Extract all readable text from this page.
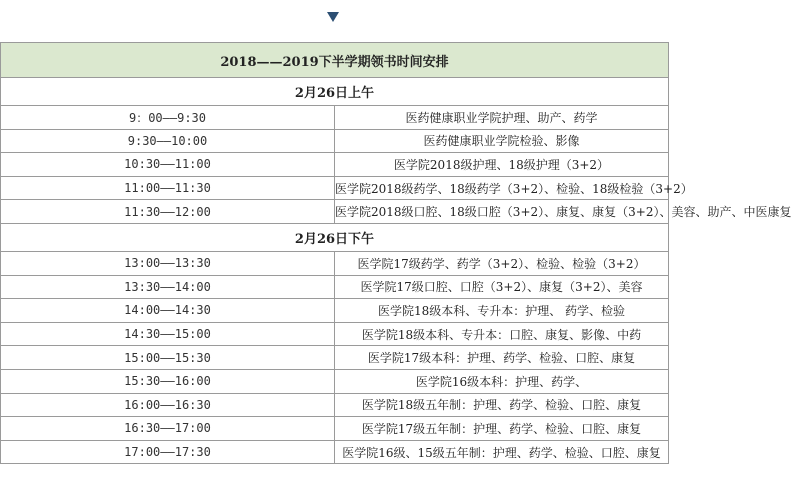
2018——2019下半学期领书时间安排	
2月26日上午	
9：00——9:30	医药健康职业学院护理、助产、药学
9:30——10:00	医药健康职业学院检验、影像
10:30——11:00	医学院2018级护理、18级护理（3+2）
11:00——11:30	医学院2018级药学、18级药学（3+2）、检验、18级检验（3+2）
11:30——12:00	医学院2018级口腔、18级口腔（3+2）、康复、康复（3+2）、美容、助产、中医康复
2月26日下午	
13:00——13:30	医学院17级药学、药学（3+2）、检验、检验（3+2）
13:30——14:00	医学院17级口腔、口腔（3+2）、康复（3+2）、美容
14:00——14:30	医学院18级本科、专升本：护理、 药学、检验
14:30——15:00	医学院18级本科、专升本：口腔、康复、影像、中药
15:00——15:30	医学院17级本科：护理、药学、检验、口腔、康复
15:30——16:00	医学院16级本科：护理、药学、
16:00——16:30	医学院18级五年制：护理、药学、检验、口腔、康复
16:30——17:00	医学院17级五年制：护理、药学、检验、口腔、康复
17:00——17:30	医学院16级、15级五年制：护理、药学、检验、口腔、康复
